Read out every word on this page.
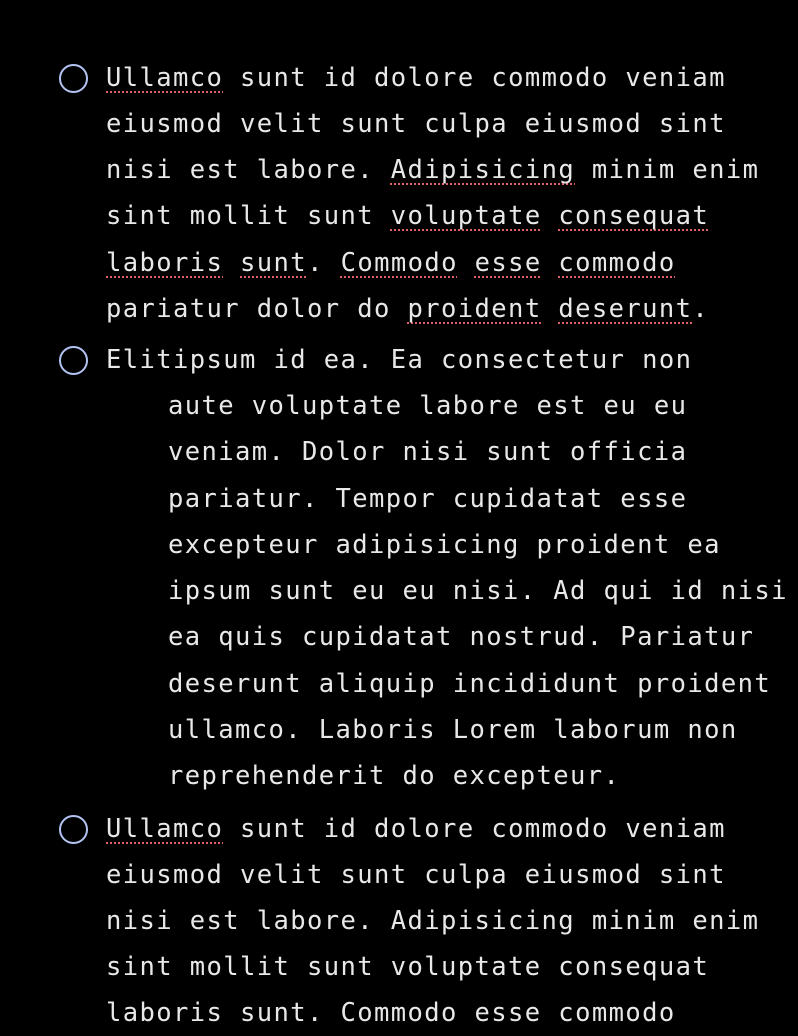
Ullamco sunt id dolore commodo veniam
eiusmod velit sunt culpa eiusmod sint
nisi est labore. Adipisicing minim enim
sint mollit sunt voluptate consequat
laboris sunt. Commodo esse commodo
pariatur dolor do proident deserunt.
Elitipsum id ea. Ea consectetur non
aute voluptate labore est eu eu
veniam. Dolor nisi sunt officia
pariatur. Tempor cupidatat esse
excepteur adipisicing proident ea
ipsum sunt eu eu nisi. Ad qui id nisi
ea quis cupidatat nostrud. Pariatur
deserunt aliquip incididunt proident
ullamco. Laboris Lorem laborum non
reprehenderit do excepteur.
Ullamco sunt id dolore commodo veniam
eiusmod velit sunt culpa eiusmod sint
nisi est labore. Adipisicing minim enim
sint mollit sunt voluptate consequat
laboris sunt. Commodo esse commodo
